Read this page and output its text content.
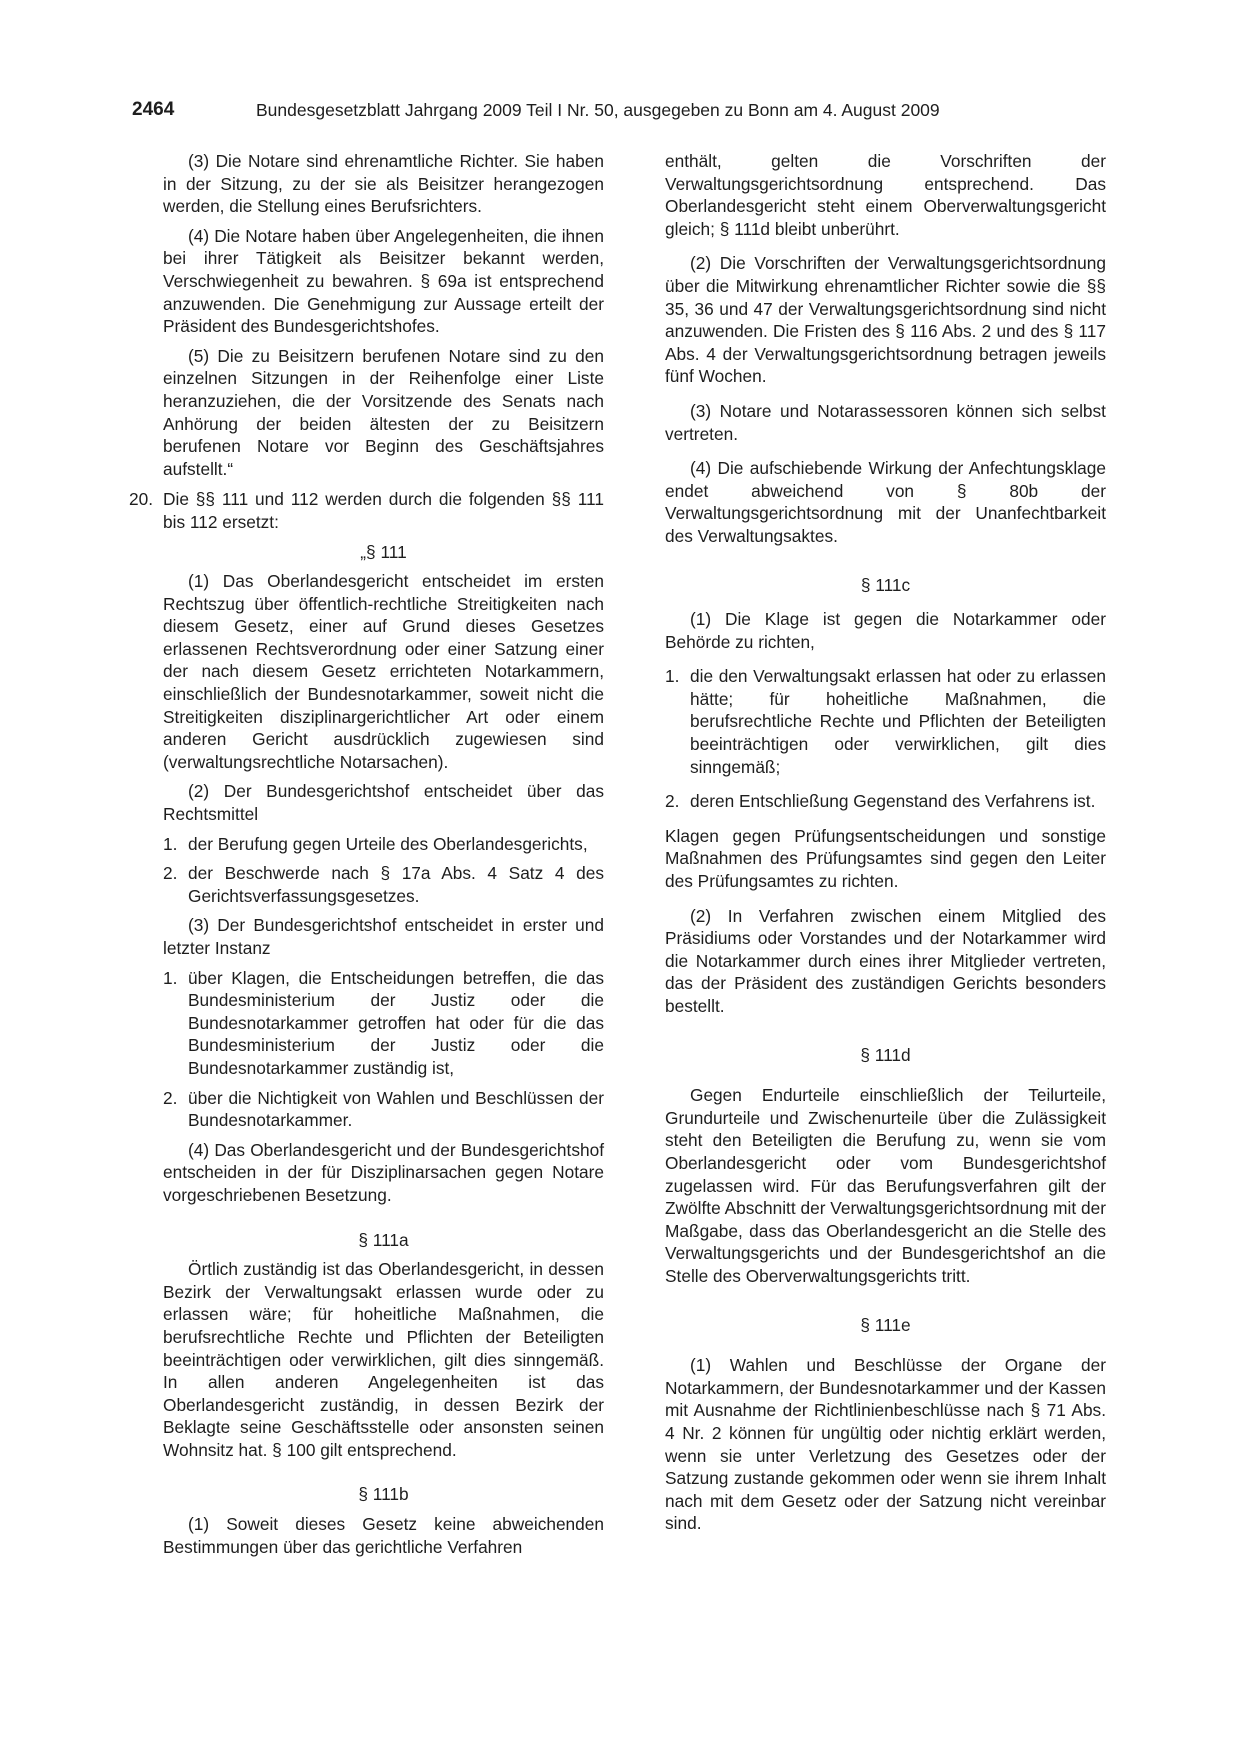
2464	Bundesgesetzblatt Jahrgang 2009 Teil I Nr. 50, ausgegeben zu Bonn am 4. August 2009

(3) Die Notare sind ehrenamtliche Richter. Sie haben in der Sitzung, zu der sie als Beisitzer herangezogen werden, die Stellung eines Berufsrichters.

(4) Die Notare haben über Angelegenheiten, die ihnen bei ihrer Tätigkeit als Beisitzer bekannt werden, Verschwiegenheit zu bewahren. § 69a ist entsprechend anzuwenden. Die Genehmigung zur Aussage erteilt der Präsident des Bundesgerichtshofes.

(5) Die zu Beisitzern berufenen Notare sind zu den einzelnen Sitzungen in der Reihenfolge einer Liste heranzuziehen, die der Vorsitzende des Senats nach Anhörung der beiden ältesten der zu Beisitzern berufenen Notare vor Beginn des Geschäftsjahres aufstellt.“

20. Die §§ 111 und 112 werden durch die folgenden §§ 111 bis 112 ersetzt:

„§ 111

(1) Das Oberlandesgericht entscheidet im ersten Rechtszug über öffentlich-rechtliche Streitigkeiten nach diesem Gesetz, einer auf Grund dieses Gesetzes erlassenen Rechtsverordnung oder einer Satzung einer der nach diesem Gesetz errichteten Notarkammern, einschließlich der Bundesnotarkammer, soweit nicht die Streitigkeiten disziplinargerichtlicher Art oder einem anderen Gericht ausdrücklich zugewiesen sind (verwaltungsrechtliche Notarsachen).

(2) Der Bundesgerichtshof entscheidet über das Rechtsmittel

1. der Berufung gegen Urteile des Oberlandesgerichts,
2. der Beschwerde nach § 17a Abs. 4 Satz 4 des Gerichtsverfassungsgesetzes.

(3) Der Bundesgerichtshof entscheidet in erster und letzter Instanz

1. über Klagen, die Entscheidungen betreffen, die das Bundesministerium der Justiz oder die Bundesnotarkammer getroffen hat oder für die das Bundesministerium der Justiz oder die Bundesnotarkammer zuständig ist,
2. über die Nichtigkeit von Wahlen und Beschlüssen der Bundesnotarkammer.

(4) Das Oberlandesgericht und der Bundesgerichtshof entscheiden in der für Disziplinarsachen gegen Notare vorgeschriebenen Besetzung.

§ 111a

Örtlich zuständig ist das Oberlandesgericht, in dessen Bezirk der Verwaltungsakt erlassen wurde oder zu erlassen wäre; für hoheitliche Maßnahmen, die berufsrechtliche Rechte und Pflichten der Beteiligten beeinträchtigen oder verwirklichen, gilt dies sinngemäß. In allen anderen Angelegenheiten ist das Oberlandesgericht zuständig, in dessen Bezirk der Beklagte seine Geschäftsstelle oder ansonsten seinen Wohnsitz hat. § 100 gilt entsprechend.

§ 111b

(1) Soweit dieses Gesetz keine abweichenden Bestimmungen über das gerichtliche Verfahren

enthält, gelten die Vorschriften der Verwaltungsgerichtsordnung entsprechend. Das Oberlandesgericht steht einem Oberverwaltungsgericht gleich; § 111d bleibt unberührt.

(2) Die Vorschriften der Verwaltungsgerichtsordnung über die Mitwirkung ehrenamtlicher Richter sowie die §§ 35, 36 und 47 der Verwaltungsgerichtsordnung sind nicht anzuwenden. Die Fristen des § 116 Abs. 2 und des § 117 Abs. 4 der Verwaltungsgerichtsordnung betragen jeweils fünf Wochen.

(3) Notare und Notarassessoren können sich selbst vertreten.

(4) Die aufschiebende Wirkung der Anfechtungsklage endet abweichend von § 80b der Verwaltungsgerichtsordnung mit der Unanfechtbarkeit des Verwaltungsaktes.

§ 111c

(1) Die Klage ist gegen die Notarkammer oder Behörde zu richten,

1. die den Verwaltungsakt erlassen hat oder zu erlassen hätte; für hoheitliche Maßnahmen, die berufsrechtliche Rechte und Pflichten der Beteiligten beeinträchtigen oder verwirklichen, gilt dies sinngemäß;
2. deren Entschließung Gegenstand des Verfahrens ist.

Klagen gegen Prüfungsentscheidungen und sonstige Maßnahmen des Prüfungsamtes sind gegen den Leiter des Prüfungsamtes zu richten.

(2) In Verfahren zwischen einem Mitglied des Präsidiums oder Vorstandes und der Notarkammer wird die Notarkammer durch eines ihrer Mitglieder vertreten, das der Präsident des zuständigen Gerichts besonders bestellt.

§ 111d

Gegen Endurteile einschließlich der Teilurteile, Grundurteile und Zwischenurteile über die Zulässigkeit steht den Beteiligten die Berufung zu, wenn sie vom Oberlandesgericht oder vom Bundesgerichtshof zugelassen wird. Für das Berufungsverfahren gilt der Zwölfte Abschnitt der Verwaltungsgerichtsordnung mit der Maßgabe, dass das Oberlandesgericht an die Stelle des Verwaltungsgerichts und der Bundesgerichtshof an die Stelle des Oberverwaltungsgerichts tritt.

§ 111e

(1) Wahlen und Beschlüsse der Organe der Notarkammern, der Bundesnotarkammer und der Kassen mit Ausnahme der Richtlinienbeschlüsse nach § 71 Abs. 4 Nr. 2 können für ungültig oder nichtig erklärt werden, wenn sie unter Verletzung des Gesetzes oder der Satzung zustande gekommen oder wenn sie ihrem Inhalt nach mit dem Gesetz oder der Satzung nicht vereinbar sind.
